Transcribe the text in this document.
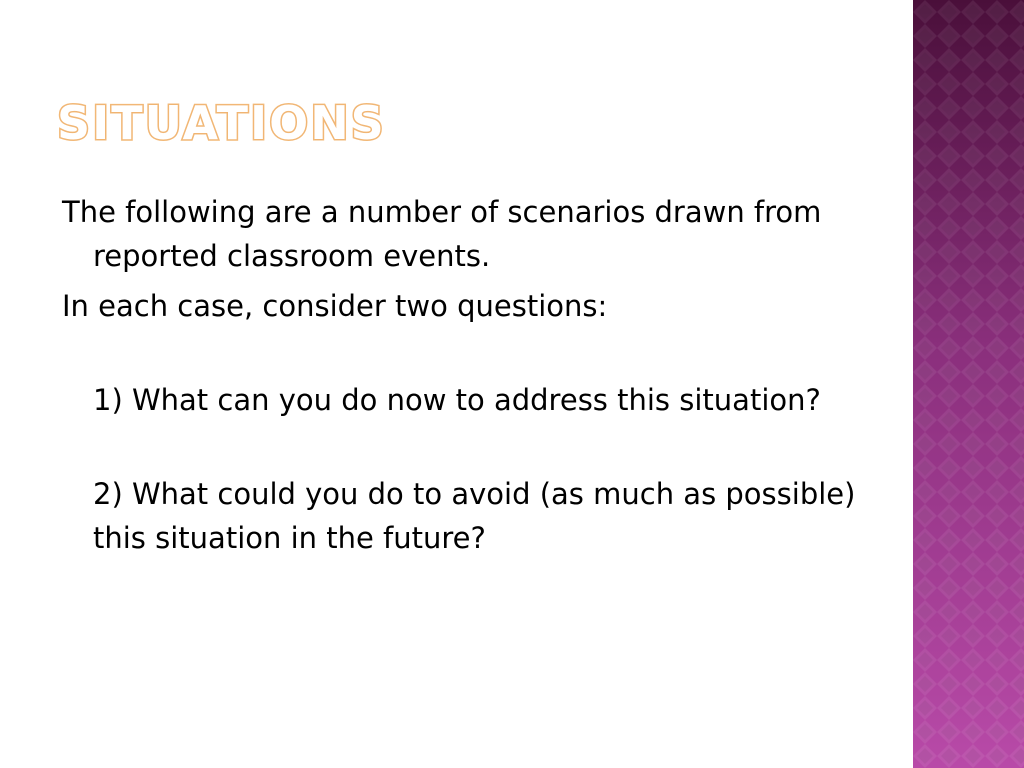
SITUATIONS

The following are a number of scenarios drawn from reported classroom events.

In each case, consider two questions:

1) What can you do now to address this situation?

2) What could you do to avoid (as much as possible) this situation in the future?
